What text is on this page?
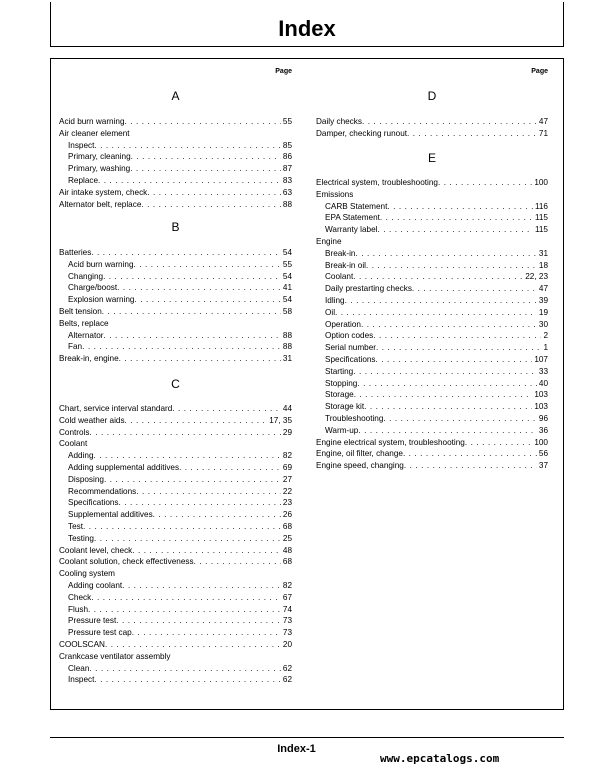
Index
Page
A
Acid burn warning . . .	55
Air cleaner element
Inspect . . .	85
Primary, cleaning . . .	86
Primary, washing . . .	87
Replace . . .	83
Air intake system, check . . .	63
Alternator belt, replace . . .	88
B
Batteries . . .	54
Acid burn warning . . .	55
Changing . . .	54
Charge/boost . . .	41
Explosion warning . . .	54
Belt tension . . .	58
Belts, replace
Alternator . . .	88
Fan . . .	88
Break-in, engine . . .	31
C
Chart, service interval standard . . .	44
Cold weather aids . . .	17, 35
Controls . . .	29
Coolant
Adding . . .	82
Adding supplemental additives . . .	69
Disposing . . .	27
Recommendations . . .	22
Specifications . . .	23
Supplemental additives . . .	26
Test . . .	68
Testing . . .	25
Coolant level, check . . .	48
Coolant solution, check effectiveness . . .	68
Cooling system
Adding coolant . . .	82
Check . . .	67
Flush . . .	74
Pressure test . . .	73
Pressure test cap . . .	73
COOLSCAN . . .	20
Crankcase ventilator assembly
Clean . . .	62
Inspect . . .	62
Page
D
Daily checks . . .	47
Damper, checking runout . . .	71
E
Electrical system, troubleshooting . . .	100
Emissions
CARB Statement . . .	116
EPA Statement . . .	115
Warranty label . . .	115
Engine
Break-in . . .	31
Break-in oil . . .	18
Coolant . . .	22, 23
Daily prestarting checks . . .	47
Idling . . .	39
Oil . . .	19
Operation . . .	30
Option codes . . .	2
Serial number . . .	1
Specifications . . .	107
Starting . . .	33
Stopping . . .	40
Storage . . .	103
Storage kit . . .	103
Troubleshooting . . .	96
Warm-up . . .	36
Engine electrical system, troubleshooting . . .	100
Engine, oil filter, change . . .	56
Engine speed, changing . . .	37
Index-1
www.epcatalogs.com
